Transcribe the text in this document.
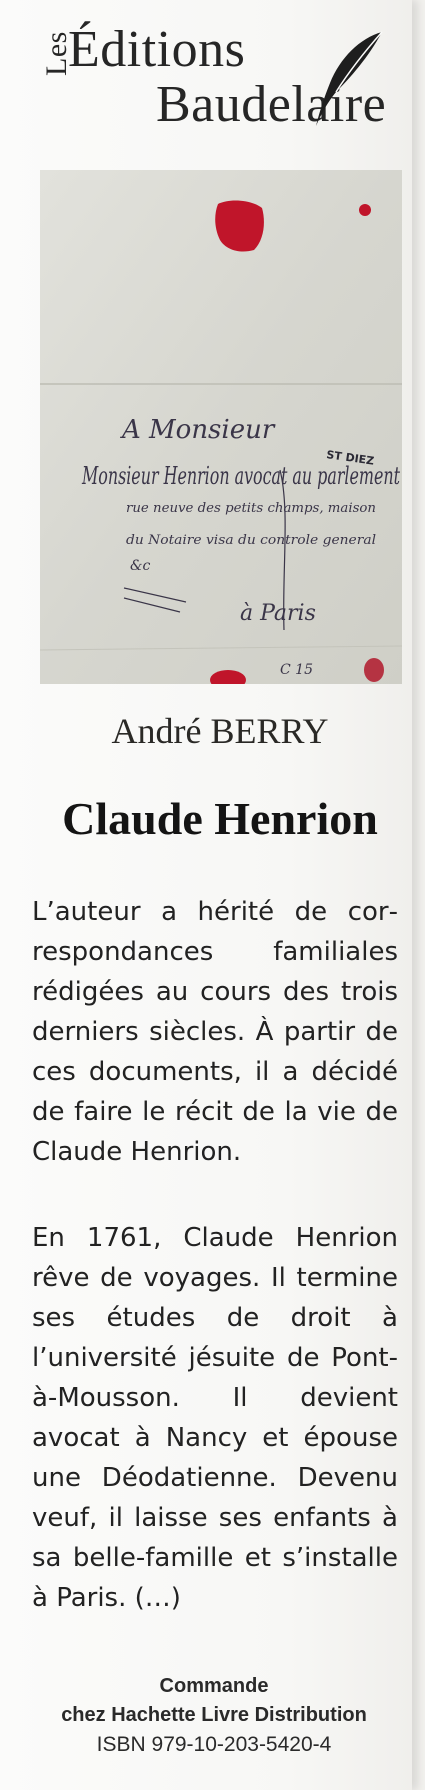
Les
Éditions
Baudelaire
A Monsieur
Monsieur Henrion avocat au parlement
rue neuve des petits champs, maison
du Notaire visa du controle general
&c
à Paris
C 15
ST DIEZ
André BERRY
Claude Henrion
L’auteur a hérité de correspondances familiales rédigées au cours des trois derniers siècles. À partir de ces documents, il a décidé de faire le récit de la vie de Claude Henrion.
En 1761, Claude Henrion rêve de voyages. Il termine ses études de droit à l’université jésuite de Pont-à-Mousson. Il devient avocat à Nancy et épouse une Déodatienne. Devenu veuf, il laisse ses enfants à sa belle-famille et s’installe à Paris. (…)
Commande
chez Hachette Livre Distribution
ISBN 979-10-203-5420-4
